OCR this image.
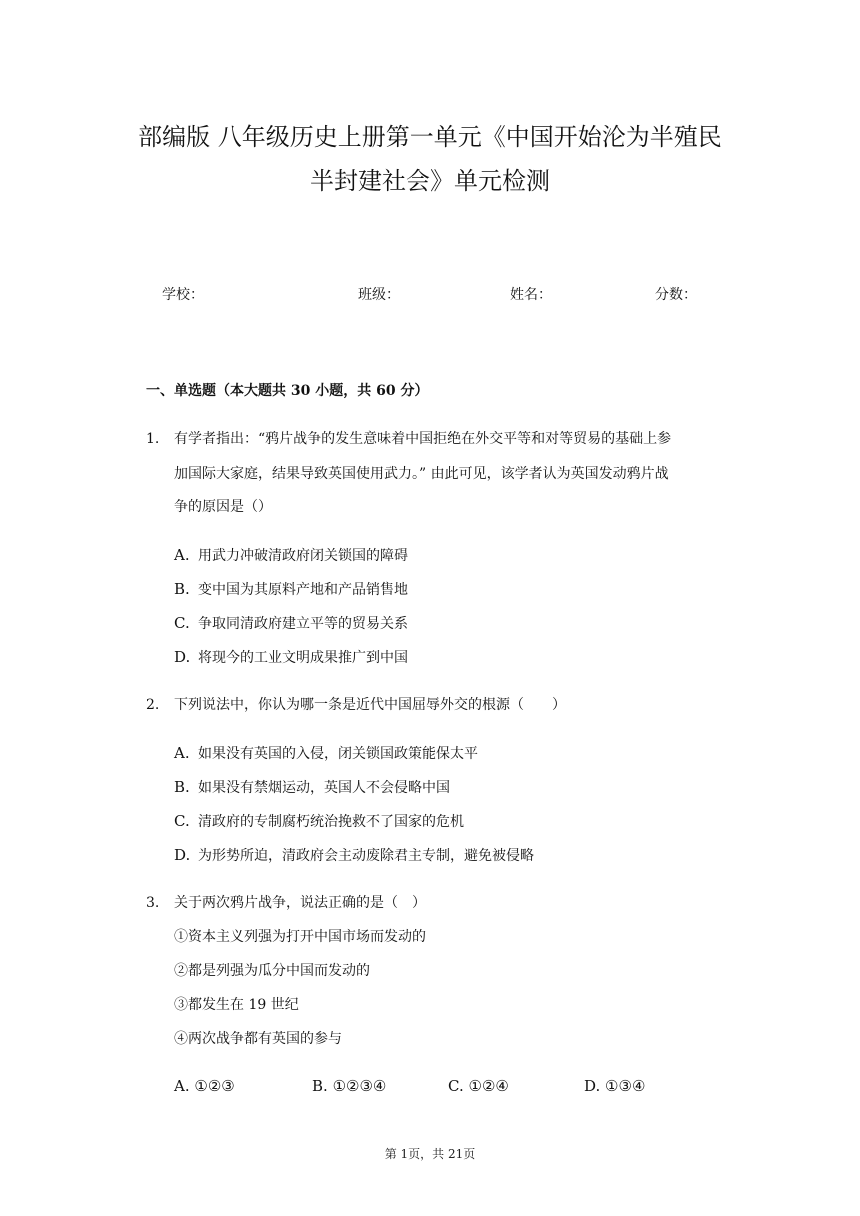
部编版 八年级历史上册第一单元《中国开始沦为半殖民
半封建社会》单元检测
学校：	班级：	姓名：	分数：
一、单选题（本大题共 30 小题，共 60 分）
1. 有学者指出：“鸦片战争的发生意味着中国拒绝在外交平等和对等贸易的基础上参
加国际大家庭，结果导致英国使用武力。” 由此可见，该学者认为英国发动鸦片战
争的原因是（）
A. 用武力冲破清政府闭关锁国的障碍
B. 变中国为其原料产地和产品销售地
C. 争取同清政府建立平等的贸易关系
D. 将现今的工业文明成果推广到中国
2. 下列说法中，你认为哪一条是近代中国屈辱外交的根源（　　）
A. 如果没有英国的入侵，闭关锁国政策能保太平
B. 如果没有禁烟运动，英国人不会侵略中国
C. 清政府的专制腐朽统治挽救不了国家的危机
D. 为形势所迫，清政府会主动废除君主专制，避免被侵略
3. 关于两次鸦片战争，说法正确的是（　）
①资本主义列强为打开中国市场而发动的
②都是列强为瓜分中国而发动的
③都发生在 19 世纪
④两次战争都有英国的参与
A. ①②③	B. ①②③④	C. ①②④	D. ①③④
第 1页，共 21页
